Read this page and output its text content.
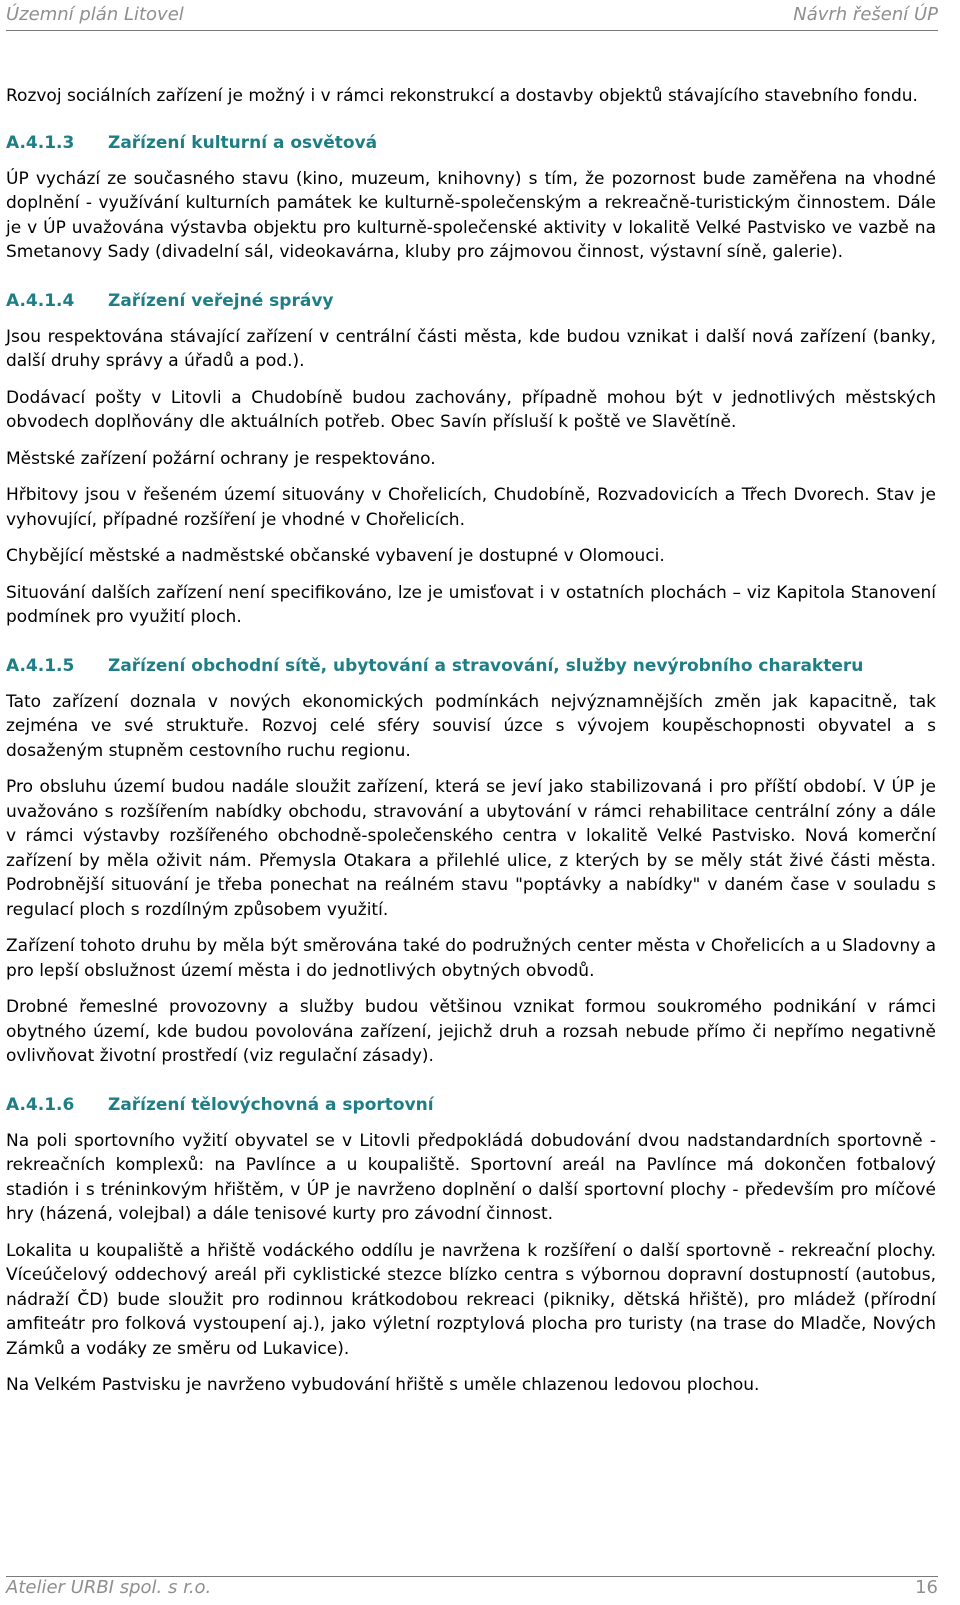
Územní plán Litovel	Návrh řešení ÚP

Rozvoj sociálních zařízení je možný i v rámci rekonstrukcí a dostavby objektů stávajícího stavebního fondu.

A.4.1.3 Zařízení kulturní a osvětová

ÚP vychází ze současného stavu (kino, muzeum, knihovny) s tím, že pozornost bude zaměřena na vhodné doplnění - využívání kulturních památek ke kulturně-společenským a rekreačně-turistickým činnostem. Dále je v ÚP uvažována výstavba objektu pro kulturně-společenské aktivity v lokalitě Velké Pastvisko ve vazbě na Smetanovy Sady (divadelní sál, videokavárna, kluby pro zájmovou činnost, výstavní síně, galerie).

A.4.1.4 Zařízení veřejné správy

Jsou respektována stávající zařízení v centrální části města, kde budou vznikat i další nová zařízení (banky, další druhy správy a úřadů a pod.).

Dodávací pošty v Litovli a Chudobíně budou zachovány, případně mohou být v jednotlivých městských obvodech doplňovány dle aktuálních potřeb. Obec Savín přísluší k poště ve Slavětíně.

Městské zařízení požární ochrany je respektováno.

Hřbitovy jsou v řešeném území situovány v Chořelicích, Chudobíně, Rozvadovicích a Třech Dvorech. Stav je vyhovující, případné rozšíření je vhodné v Chořelicích.

Chybějící městské a nadměstské občanské vybavení je dostupné v Olomouci.

Situování dalších zařízení není specifikováno, lze je umisťovat i v ostatních plochách – viz Kapitola Stanovení podmínek pro využití ploch.

A.4.1.5 Zařízení obchodní sítě, ubytování a stravování, služby nevýrobního charakteru

Tato zařízení doznala v nových ekonomických podmínkách nejvýznamnějších změn jak kapacitně, tak zejména ve své struktuře. Rozvoj celé sféry souvisí úzce s vývojem koupěschopnosti obyvatel a s dosaženým stupněm cestovního ruchu regionu.

Pro obsluhu území budou nadále sloužit zařízení, která se jeví jako stabilizovaná i pro příští období. V ÚP je uvažováno s rozšířením nabídky obchodu, stravování a ubytování v rámci rehabilitace centrální zóny a dále v rámci výstavby rozšířeného obchodně-společenského centra v lokalitě Velké Pastvisko. Nová komerční zařízení by měla oživit nám. Přemysla Otakara a přilehlé ulice, z kterých by se měly stát živé části města. Podrobnější situování je třeba ponechat na reálném stavu "poptávky a nabídky" v daném čase v souladu s regulací ploch s rozdílným způsobem využití.

Zařízení tohoto druhu by měla být směrována také do podružných center města v Chořelicích a u Sladovny a pro lepší obslužnost území města i do jednotlivých obytných obvodů.

Drobné řemeslné provozovny a služby budou většinou vznikat formou soukromého podnikání v rámci obytného území, kde budou povolována zařízení, jejichž druh a rozsah nebude přímo či nepřímo negativně ovlivňovat životní prostředí (viz regulační zásady).

A.4.1.6 Zařízení tělovýchovná a sportovní

Na poli sportovního vyžití obyvatel se v Litovli předpokládá dobudování dvou nadstandardních sportovně - rekreačních komplexů: na Pavlínce a u koupaliště. Sportovní areál na Pavlínce má dokončen fotbalový stadión i s tréninkovým hřištěm, v ÚP je navrženo doplnění o další sportovní plochy - především pro míčové hry (házená, volejbal) a dále tenisové kurty pro závodní činnost.

Lokalita u koupaliště a hřiště vodáckého oddílu je navržena k rozšíření o další sportovně - rekreační plochy. Víceúčelový oddechový areál při cyklistické stezce blízko centra s výbornou dopravní dostupností (autobus, nádraží ČD) bude sloužit pro rodinnou krátkodobou rekreaci (pikniky, dětská hřiště), pro mládež (přírodní amfiteátr pro folková vystoupení aj.), jako výletní rozptylová plocha pro turisty (na trase do Mladče, Nových Zámků a vodáky ze směru od Lukavice).

Na Velkém Pastvisku je navrženo vybudování hřiště s uměle chlazenou ledovou plochou.

Atelier URBI spol. s r.o.	16
